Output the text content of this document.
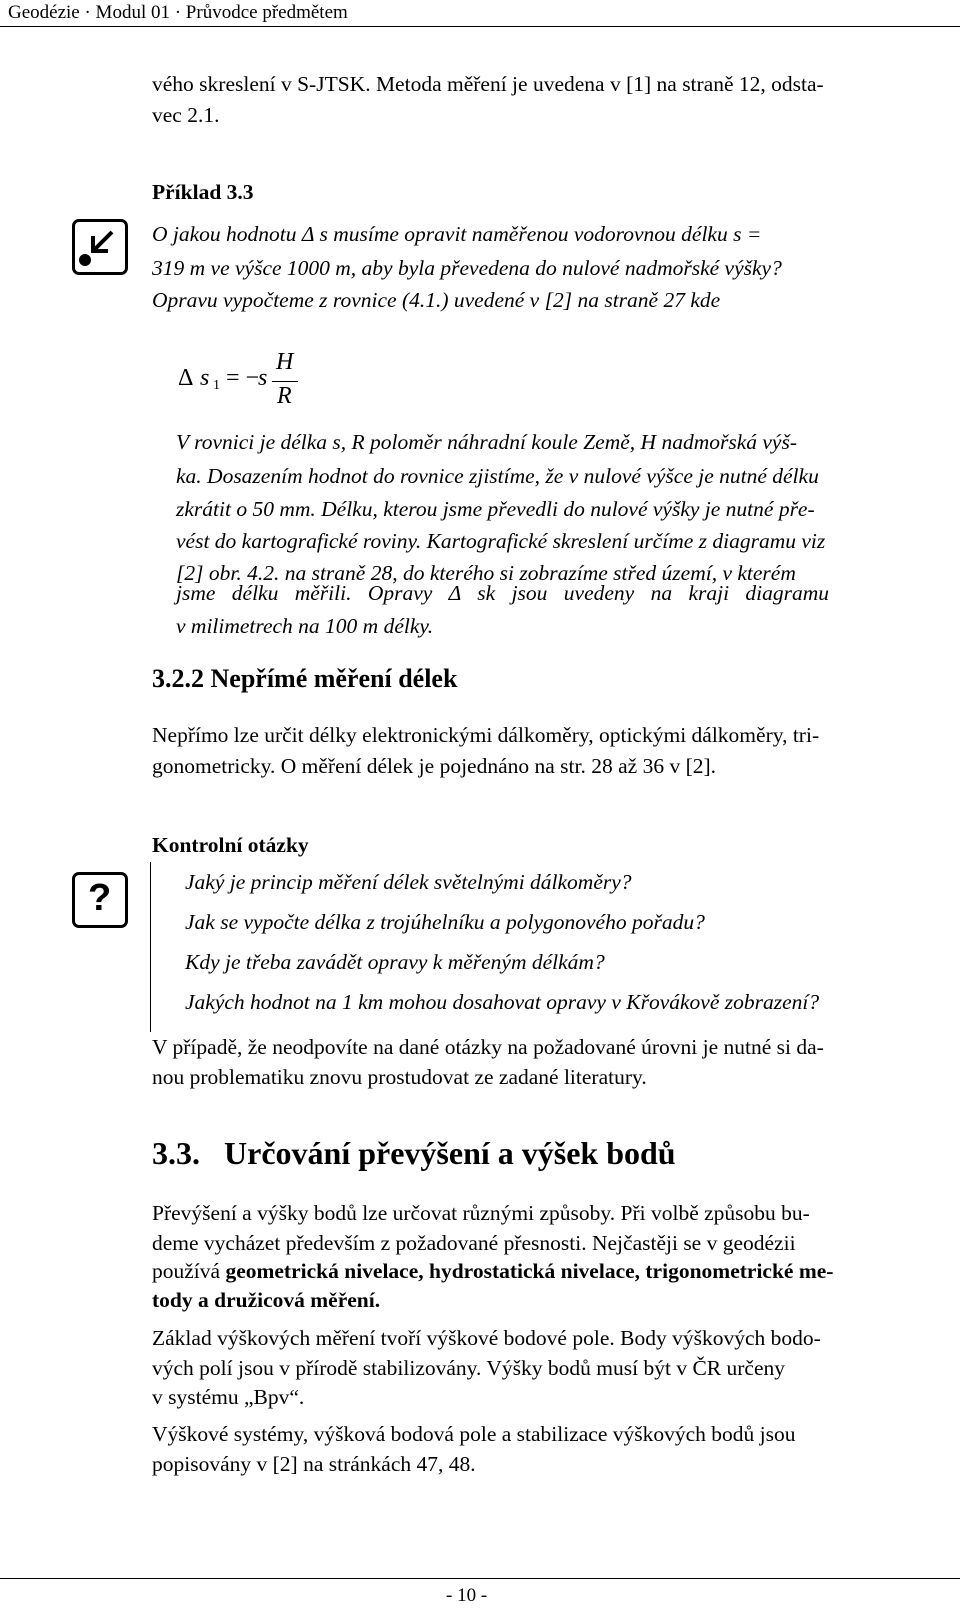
Geodézie · Modul 01 · Průvodce předmětem
vého skreslení v S-JTSK. Metoda měření je uvedena v [1] na straně 12, odsta-
vec 2.1.
Příklad 3.3
O jakou hodnotu Δ s musíme opravit naměřenou vodorovnou délku s =
319 m ve výšce 1000 m, aby byla převedena do nulové nadmořské výšky?
Opravu vypočteme z rovnice (4.1.) uvedené v [2] na straně 27 kde
Δ s 1 = −
s
H
R
V rovnici je délka s, R poloměr náhradní koule Země, H nadmořská výš-
ka. Dosazením hodnot do rovnice zjistíme, že v nulové výšce je nutné délku
zkrátit o 50 mm. Délku, kterou jsme převedli do nulové výšky je nutné pře-
vést do kartografické roviny. Kartografické skreslení určíme z diagramu viz
[2] obr. 4.2. na straně 28, do kterého si zobrazíme střed území, v kterém
jsme délku měřili. Opravy Δ sk jsou uvedeny na kraji diagramu
v milimetrech na 100 m délky.
3.2.2 Nepřímé měření délek
Nepřímo lze určit délky elektronickými dálkoměry, optickými dálkoměry, tri-
gonometricky. O měření délek je pojednáno na str. 28 až 36 v [2].
Kontrolní otázky
?	Jaký je princip měření délek světelnými dálkoměry?
Jak se vypočte délka z trojúhelníku a polygonového pořadu?
Kdy je třeba zavádět opravy k měřeným délkám?
Jakých hodnot na 1 km mohou dosahovat opravy v Křovákově zobrazení?
V případě, že neodpovíte na dané otázky na požadované úrovni je nutné si da-
nou problematiku znovu prostudovat ze zadané literatury.
3.3.   Určování převýšení a výšek bodů
Převýšení a výšky bodů lze určovat různými způsoby. Při volbě způsobu bu-
deme vycházet především z požadované přesnosti. Nejčastěji se v geodézii
používá geometrická nivelace, hydrostatická nivelace, trigonometrické me-
tody a družicová měření.
Základ výškových měření tvoří výškové bodové pole. Body výškových bodo-
vých polí jsou v přírodě stabilizovány. Výšky bodů musí být v ČR určeny
v systému „Bpv“.
Výškové systémy, výšková bodová pole a stabilizace výškových bodů jsou
popisovány v [2] na stránkách 47, 48.
- 10 -
